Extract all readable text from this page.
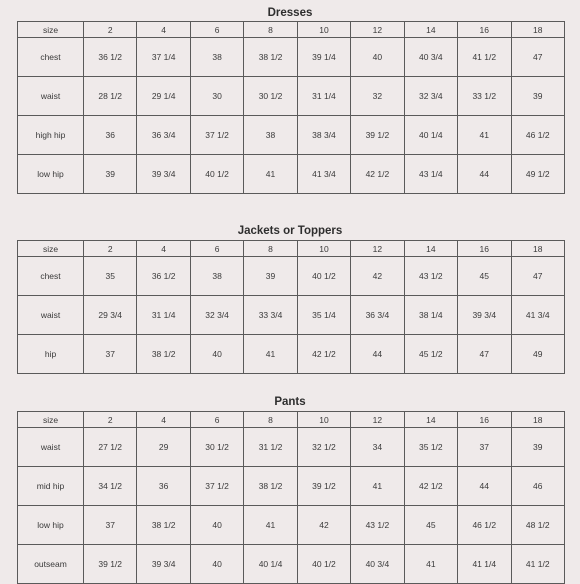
Dresses
size	2	4	6	8	10	12	14	16	18
chest	36 1/2	37 1/4	38	38 1/2	39 1/4	40	40 3/4	41 1/2	47
waist	28 1/2	29 1/4	30	30 1/2	31 1/4	32	32 3/4	33 1/2	39
high hip	36	36 3/4	37 1/2	38	38 3/4	39 1/2	40 1/4	41	46 1/2
low hip	39	39 3/4	40 1/2	41	41 3/4	42 1/2	43 1/4	44	49 1/2
Jackets or Toppers
size	2	4	6	8	10	12	14	16	18
chest	35	36 1/2	38	39	40 1/2	42	43 1/2	45	47
waist	29 3/4	31 1/4	32 3/4	33 3/4	35 1/4	36 3/4	38 1/4	39 3/4	41 3/4
hip	37	38 1/2	40	41	42 1/2	44	45 1/2	47	49
Pants
size	2	4	6	8	10	12	14	16	18
waist	27 1/2	29	30 1/2	31 1/2	32 1/2	34	35 1/2	37	39
mid hip	34 1/2	36	37 1/2	38 1/2	39 1/2	41	42 1/2	44	46
low hip	37	38 1/2	40	41	42	43 1/2	45	46 1/2	48 1/2
outseam	39 1/2	39 3/4	40	40 1/4	40 1/2	40 3/4	41	41 1/4	41 1/2
